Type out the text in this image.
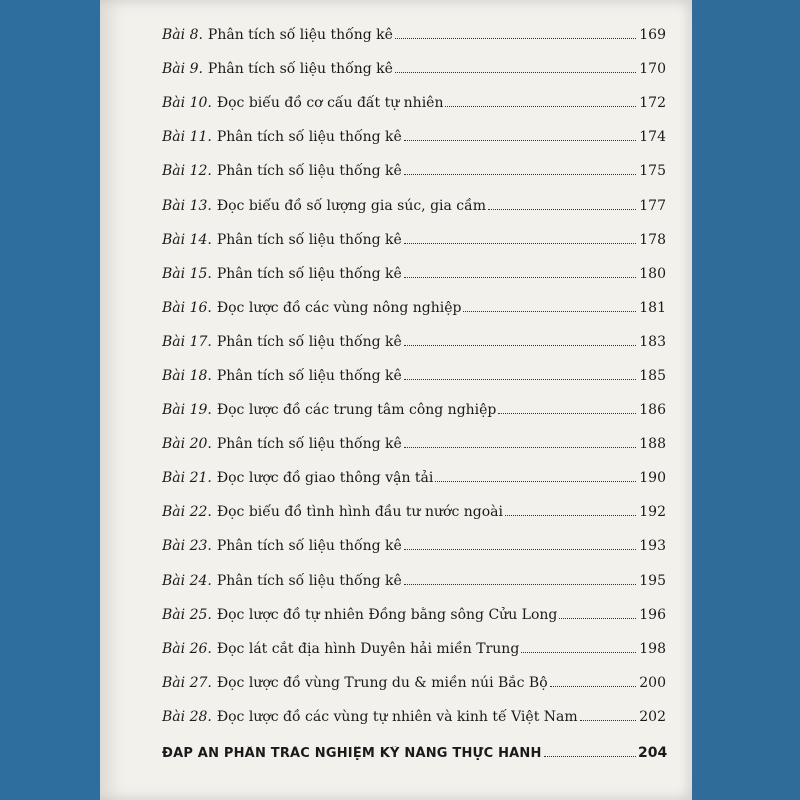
Bài 8. Phân tích số liệu thống kê	169
Bài 9. Phân tích số liệu thống kê	170
Bài 10. Đọc biểu đồ cơ cấu đất tự nhiên	172
Bài 11. Phân tích số liệu thống kê	174
Bài 12. Phân tích số liệu thống kê	175
Bài 13. Đọc biểu đồ số lượng gia súc, gia cầm	177
Bài 14. Phân tích số liệu thống kê	178
Bài 15. Phân tích số liệu thống kê	180
Bài 16. Đọc lược đồ các vùng nông nghiệp	181
Bài 17. Phân tích số liệu thống kê	183
Bài 18. Phân tích số liệu thống kê	185
Bài 19. Đọc lược đồ các trung tâm công nghiệp	186
Bài 20. Phân tích số liệu thống kê	188
Bài 21. Đọc lược đồ giao thông vận tải	190
Bài 22. Đọc biểu đồ tình hình đầu tư nước ngoài	192
Bài 23. Phân tích số liệu thống kê	193
Bài 24. Phân tích số liệu thống kê	195
Bài 25. Đọc lược đồ tự nhiên Đồng bằng sông Cửu Long	196
Bài 26. Đọc lát cắt địa hình Duyên hải miền Trung	198
Bài 27. Đọc lược đồ vùng Trung du & miền núi Bắc Bộ	200
Bài 28. Đọc lược đồ các vùng tự nhiên và kinh tế Việt Nam	202
ĐÁP ÁN PHẦN TRẮC NGHIỆM KỸ NĂNG THỰC HÀNH	204
